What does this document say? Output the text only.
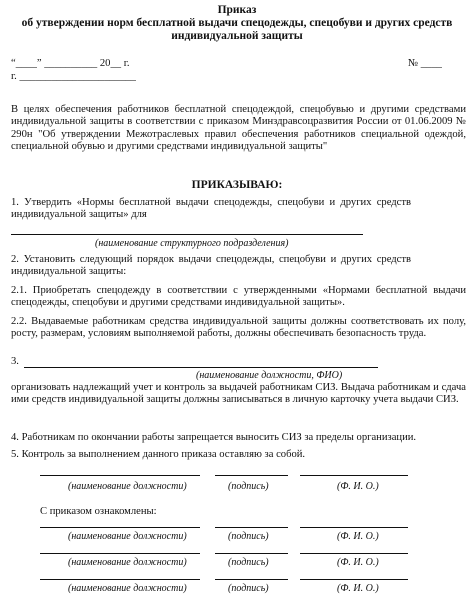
Приказ
об утверждении норм бесплатной выдачи спецодежды, спецобуви и других средств
индивидуальной защиты
“____” __________ 20__ г.	№ ____
г. ______________________
В целях обеспечения работников бесплатной спецодеждой, спецобувью и другими средствами индивидуальной защиты в соответствии с приказом Минздравсоцразвития России от 01.06.2009 № 290н "Об утверждении Межотраслевых правил обеспечения работников специальной одеждой, специальной обувью и другими средствами индивидуальной защиты"
ПРИКАЗЫВАЮ:
1. Утвердить «Нормы бесплатной выдачи спецодежды, спецобуви и других средств индивидуальной защиты» для
(наименование структурного подразделения)
2. Установить следующий порядок выдачи спецодежды, спецобуви и других средств индивидуальной защиты:
2.1. Приобретать спецодежду в соответствии с утвержденными «Нормами бесплатной выдачи спецодежды, спецобуви и другими средствами индивидуальной защиты».
2.2. Выдаваемые работникам средства индивидуальной защиты должны соответствовать их полу, росту, размерам, условиям выполняемой работы, должны обеспечивать безопасность труда.
3.
(наименование должности, ФИО)
организовать надлежащий учет и контроль за выдачей работникам СИЗ. Выдача работникам и сдача ими средств индивидуальной защиты должны записываться в личную карточку учета выдачи СИЗ.
4. Работникам по окончании работы запрещается выносить СИЗ за пределы организации.
5. Контроль за выполнением данного приказа оставляю за собой.
(наименование должности)	(подпись)	(Ф. И. О.)
С приказом ознакомлены:
(наименование должности)	(подпись)	(Ф. И. О.)
(наименование должности)	(подпись)	(Ф. И. О.)
(наименование должности)	(подпись)	(Ф. И. О.)
